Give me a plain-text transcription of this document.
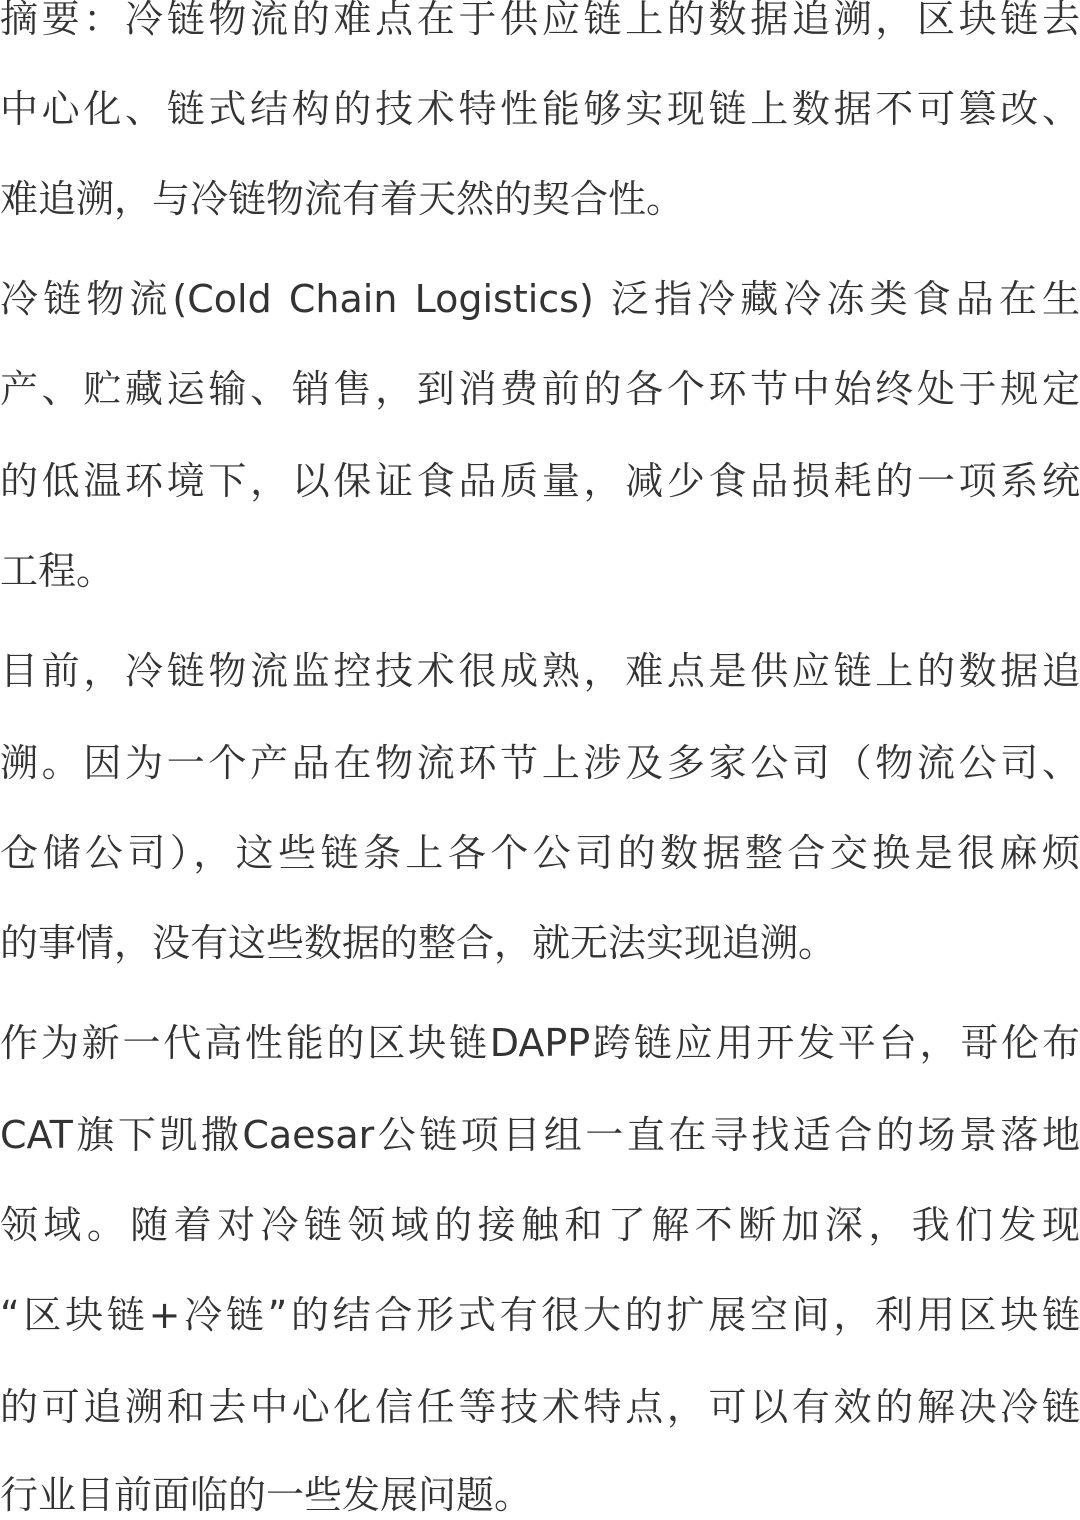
摘要：冷链物流的难点在于供应链上的数据追溯，区块链去
中心化、链式结构的技术特性能够实现链上数据不可篡改、
难追溯，与冷链物流有着天然的契合性。
冷链物流(Cold Chain Logistics) 泛指冷藏冷冻类食品在生
产、贮藏运输、销售，到消费前的各个环节中始终处于规定
的低温环境下，以保证食品质量，减少食品损耗的一项系统
工程。
目前，冷链物流监控技术很成熟，难点是供应链上的数据追
溯。因为一个产品在物流环节上涉及多家公司（物流公司、
仓储公司），这些链条上各个公司的数据整合交换是很麻烦
的事情，没有这些数据的整合，就无法实现追溯。
作为新一代高性能的区块链DAPP跨链应用开发平台，哥伦布
CAT旗下凯撒Caesar公链项目组一直在寻找适合的场景落地
领域。随着对冷链领域的接触和了解不断加深，我们发现
“区块链+冷链”的结合形式有很大的扩展空间，利用区块链
的可追溯和去中心化信任等技术特点，可以有效的解决冷链
行业目前面临的一些发展问题。
